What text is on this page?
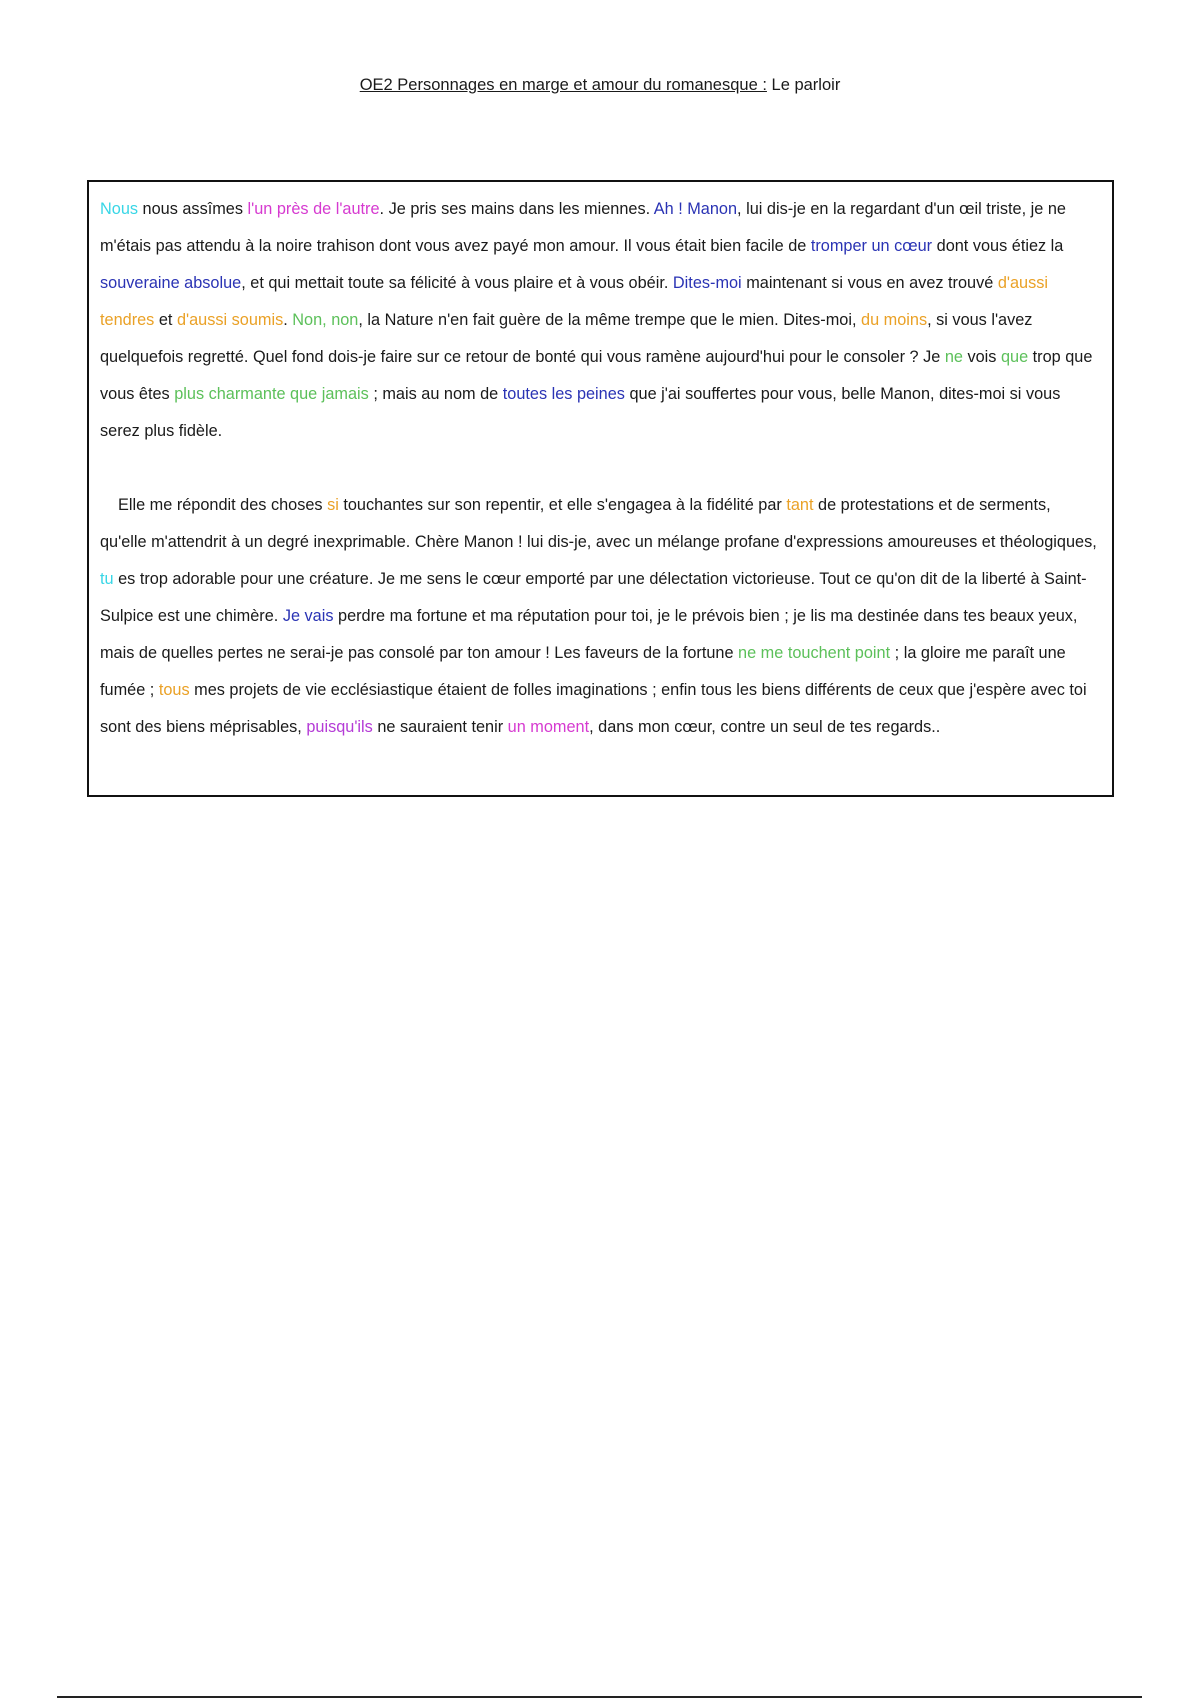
OE2 Personnages en marge et amour du romanesque : Le parloir

Nous nous assîmes l'un près de l'autre. Je pris ses mains dans les miennes. Ah ! Manon, lui dis-je en la regardant d'un œil triste, je ne m'étais pas attendu à la noire trahison dont vous avez payé mon amour. Il vous était bien facile de tromper un cœur dont vous étiez la souveraine absolue, et qui mettait toute sa félicité à vous plaire et à vous obéir. Dites-moi maintenant si vous en avez trouvé d'aussi tendres et d'aussi soumis. Non, non, la Nature n'en fait guère de la même trempe que le mien. Dites-moi, du moins, si vous l'avez quelquefois regretté. Quel fond dois-je faire sur ce retour de bonté qui vous ramène aujourd'hui pour le consoler ? Je ne vois que trop que vous êtes plus charmante que jamais ; mais au nom de toutes les peines que j'ai souffertes pour vous, belle Manon, dites-moi si vous serez plus fidèle.

Elle me répondit des choses si touchantes sur son repentir, et elle s'engagea à la fidélité par tant de protestations et de serments, qu'elle m'attendrit à un degré inexprimable. Chère Manon ! lui dis-je, avec un mélange profane d'expressions amoureuses et théologiques, tu es trop adorable pour une créature. Je me sens le cœur emporté par une délectation victorieuse. Tout ce qu'on dit de la liberté à Saint-Sulpice est une chimère. Je vais perdre ma fortune et ma réputation pour toi, je le prévois bien ; je lis ma destinée dans tes beaux yeux, mais de quelles pertes ne serai-je pas consolé par ton amour ! Les faveurs de la fortune ne me touchent point ; la gloire me paraît une fumée ; tous mes projets de vie ecclésiastique étaient de folles imaginations ; enfin tous les biens différents de ceux que j'espère avec toi sont des biens méprisables, puisqu'ils ne sauraient tenir un moment, dans mon cœur, contre un seul de tes regards..
